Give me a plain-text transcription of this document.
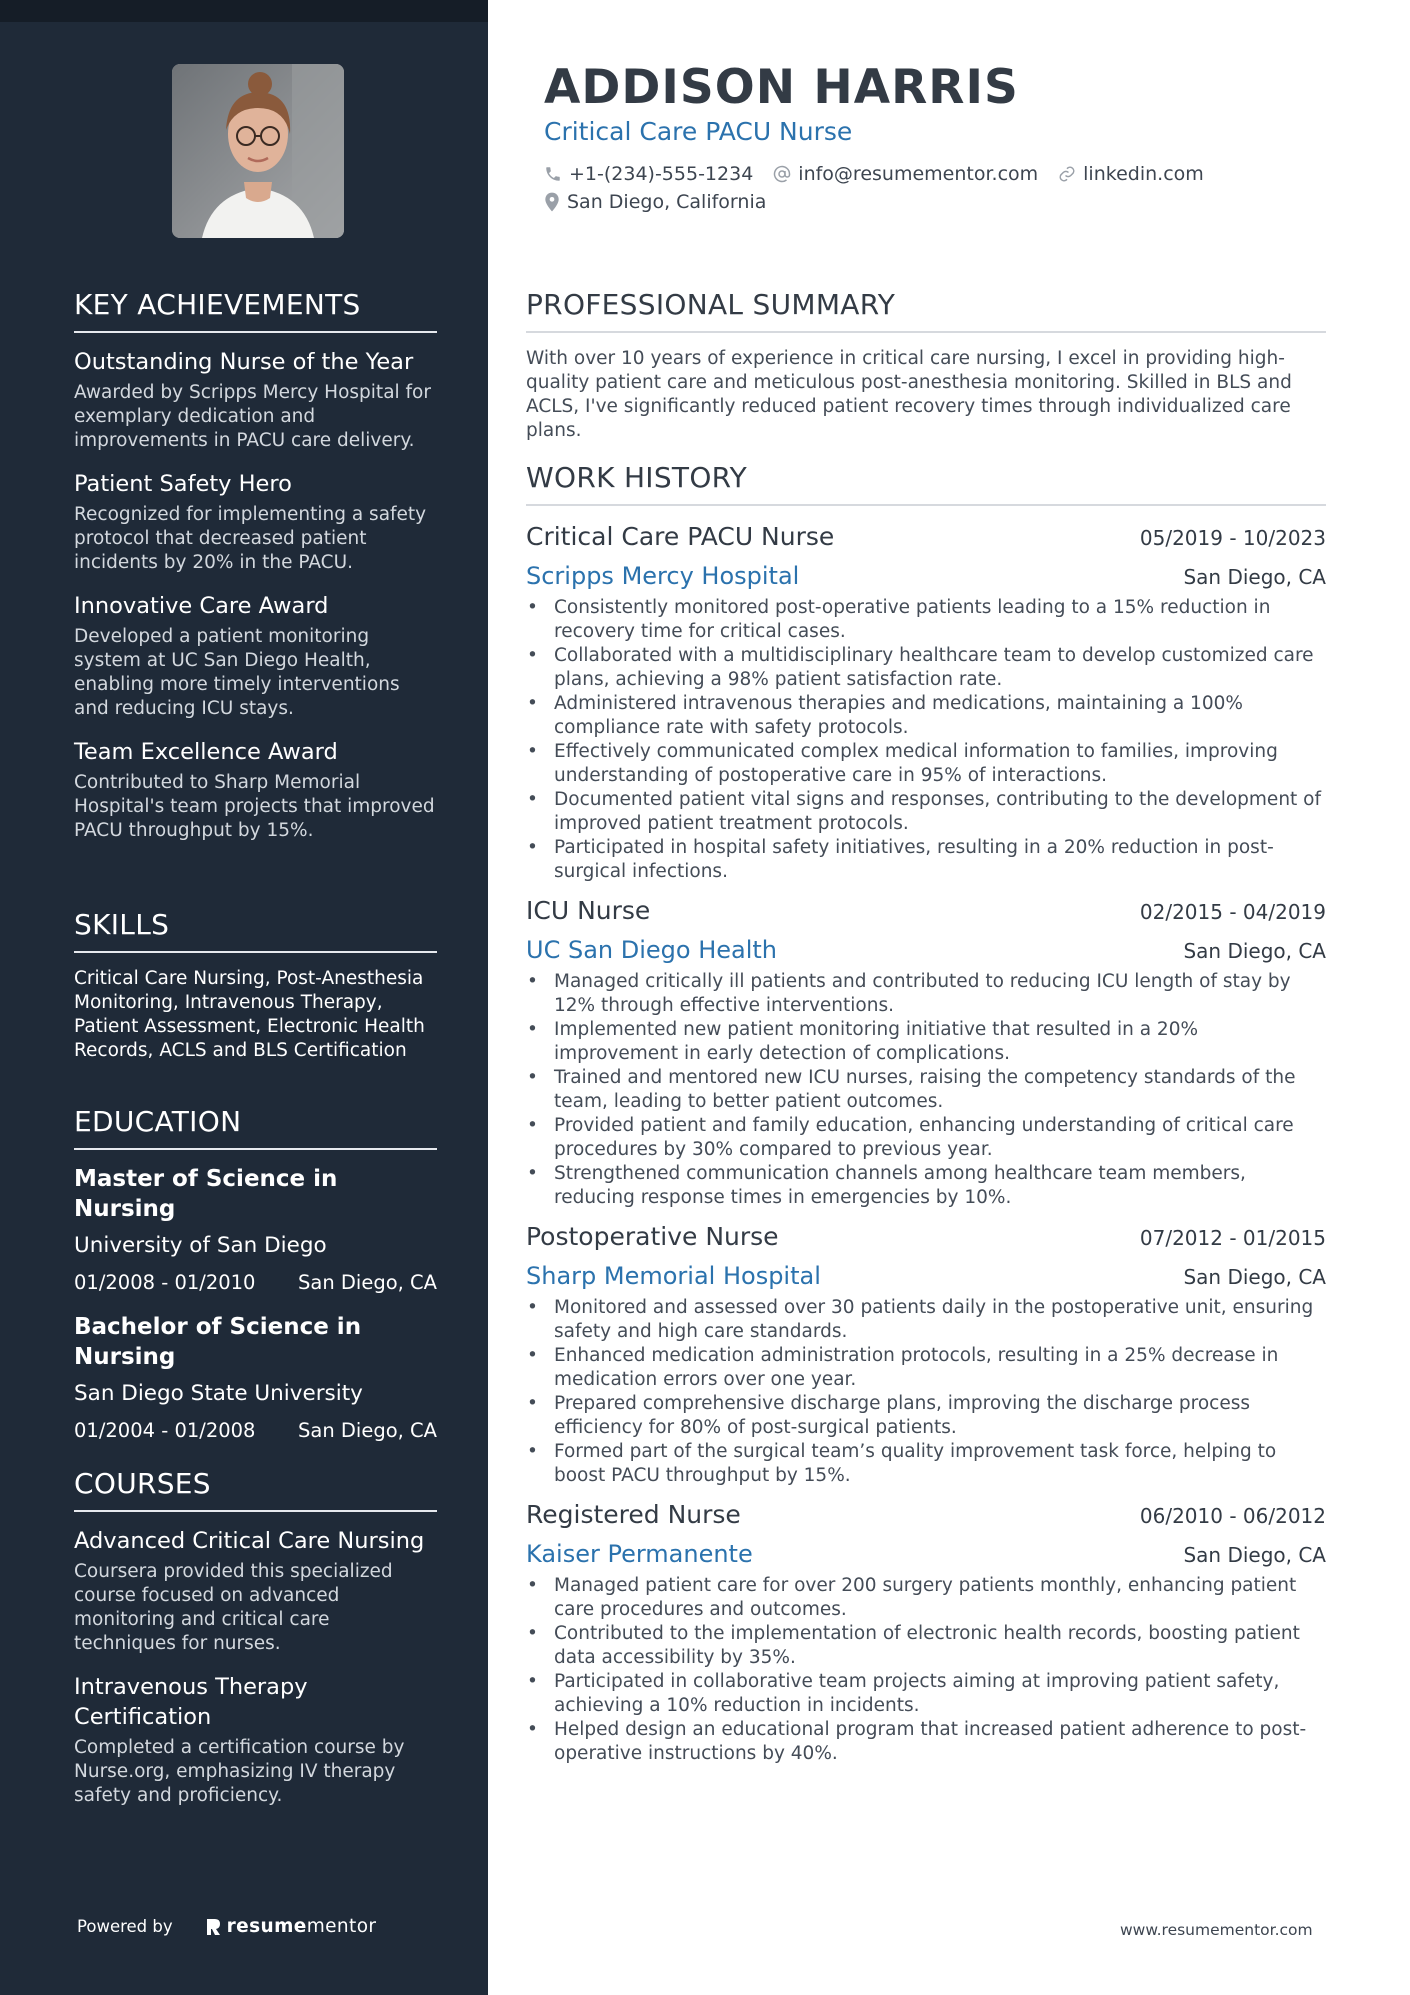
KEY ACHIEVEMENTS
Outstanding Nurse of the Year
Awarded by Scripps Mercy Hospital for exemplary dedication and improvements in PACU care delivery.
Patient Safety Hero
Recognized for implementing a safety protocol that decreased patient incidents by 20% in the PACU.
Innovative Care Award
Developed a patient monitoring system at UC San Diego Health, enabling more timely interventions and reducing ICU stays.
Team Excellence Award
Contributed to Sharp Memorial Hospital's team projects that improved PACU throughput by 15%.
SKILLS
Critical Care Nursing, Post-Anesthesia Monitoring, Intravenous Therapy, Patient Assessment, Electronic Health Records, ACLS and BLS Certification
EDUCATION
Master of Science in Nursing
University of San Diego
01/2008 - 01/2010 San Diego, CA
Bachelor of Science in Nursing
San Diego State University
01/2004 - 01/2008 San Diego, CA
COURSES
Advanced Critical Care Nursing
Coursera provided this specialized course focused on advanced monitoring and critical care techniques for nurses.
Intravenous Therapy Certification
Completed a certification course by Nurse.org, emphasizing IV therapy safety and proficiency.
Powered by	resume mentor
ADDISON HARRIS
Critical Care PACU Nurse
+1-(234)-555-1234 info@resumementor.com linkedin.com
San Diego, California
PROFESSIONAL SUMMARY
With over 10 years of experience in critical care nursing, I excel in providing high-quality patient care and meticulous post-anesthesia monitoring. Skilled in BLS and ACLS, I've significantly reduced patient recovery times through individualized care plans.
WORK HISTORY
Critical Care PACU Nurse	05/2019 - 10/2023
Scripps Mercy Hospital	San Diego, CA
• Consistently monitored post-operative patients leading to a 15% reduction in recovery time for critical cases.
• Collaborated with a multidisciplinary healthcare team to develop customized care plans, achieving a 98% patient satisfaction rate.
• Administered intravenous therapies and medications, maintaining a 100% compliance rate with safety protocols.
• Effectively communicated complex medical information to families, improving understanding of postoperative care in 95% of interactions.
• Documented patient vital signs and responses, contributing to the development of improved patient treatment protocols.
• Participated in hospital safety initiatives, resulting in a 20% reduction in post-surgical infections.
ICU Nurse	02/2015 - 04/2019
UC San Diego Health	San Diego, CA
• Managed critically ill patients and contributed to reducing ICU length of stay by 12% through effective interventions.
• Implemented new patient monitoring initiative that resulted in a 20% improvement in early detection of complications.
• Trained and mentored new ICU nurses, raising the competency standards of the team, leading to better patient outcomes.
• Provided patient and family education, enhancing understanding of critical care procedures by 30% compared to previous year.
• Strengthened communication channels among healthcare team members, reducing response times in emergencies by 10%.
Postoperative Nurse	07/2012 - 01/2015
Sharp Memorial Hospital	San Diego, CA
• Monitored and assessed over 30 patients daily in the postoperative unit, ensuring safety and high care standards.
• Enhanced medication administration protocols, resulting in a 25% decrease in medication errors over one year.
• Prepared comprehensive discharge plans, improving the discharge process efficiency for 80% of post-surgical patients.
• Formed part of the surgical team’s quality improvement task force, helping to boost PACU throughput by 15%.
Registered Nurse	06/2010 - 06/2012
Kaiser Permanente	San Diego, CA
• Managed patient care for over 200 surgery patients monthly, enhancing patient care procedures and outcomes.
• Contributed to the implementation of electronic health records, boosting patient data accessibility by 35%.
• Participated in collaborative team projects aiming at improving patient safety, achieving a 10% reduction in incidents.
• Helped design an educational program that increased patient adherence to post-operative instructions by 40%.
www.resumementor.com
